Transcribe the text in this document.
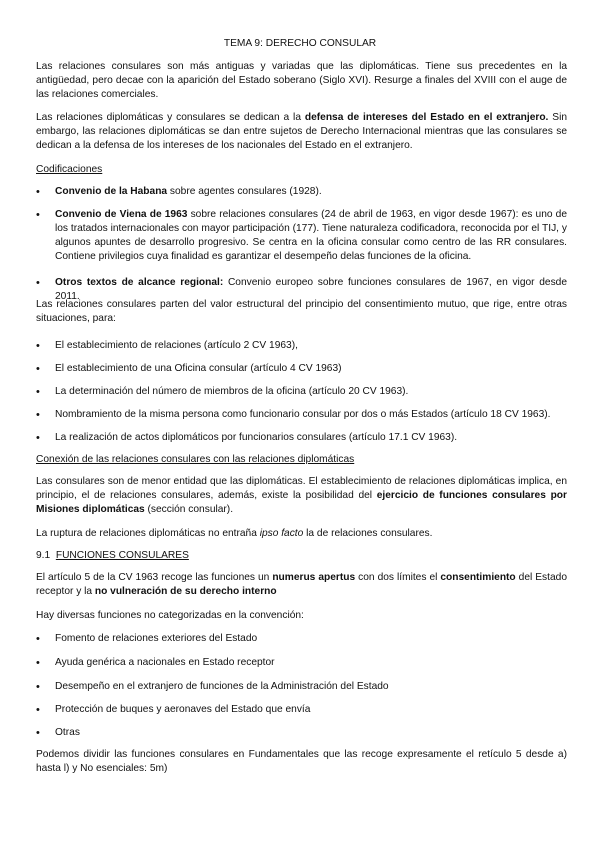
TEMA 9: DERECHO CONSULAR

Las relaciones consulares son más antiguas y variadas que las diplomáticas. Tiene sus precedentes en la antigüedad, pero decae con la aparición del Estado soberano (Siglo XVI). Resurge a finales del XVIII con el auge de las relaciones comerciales.

Las relaciones diplomáticas y consulares se dedican a la defensa de intereses del Estado en el extranjero. Sin embargo, las relaciones diplomáticas se dan entre sujetos de Derecho Internacional mientras que las consulares se dedican a la defensa de los intereses de los nacionales del Estado en el extranjero.

Codificaciones

• Convenio de la Habana sobre agentes consulares (1928).
• Convenio de Viena de 1963 sobre relaciones consulares (24 de abril de 1963, en vigor desde 1967): es uno de los tratados internacionales con mayor participación (177). Tiene naturaleza codificadora, reconocida por el TIJ, y algunos apuntes de desarrollo progresivo. Se centra en la oficina consular como centro de las RR consulares. Contiene privilegios cuya finalidad es garantizar el desempeño delas funciones de la oficina.
• Otros textos de alcance regional: Convenio europeo sobre funciones consulares de 1967, en vigor desde 2011.

Las relaciones consulares parten del valor estructural del principio del consentimiento mutuo, que rige, entre otras situaciones, para:

• El establecimiento de relaciones (artículo 2 CV 1963),
• El establecimiento de una Oficina consular (artículo 4 CV 1963)
• La determinación del número de miembros de la oficina (artículo 20 CV 1963).
• Nombramiento de la misma persona como funcionario consular por dos o más Estados (artículo 18 CV 1963).
• La realización de actos diplomáticos por funcionarios consulares (artículo 17.1 CV 1963).

Conexión de las relaciones consulares con las relaciones diplomáticas

Las consulares son de menor entidad que las diplomáticas. El establecimiento de relaciones diplomáticas implica, en principio, el de relaciones consulares, además, existe la posibilidad del ejercicio de funciones consulares por Misiones diplomáticas (sección consular).

La ruptura de relaciones diplomáticas no entraña ipso facto la de relaciones consulares.

9.1 FUNCIONES CONSULARES

El artículo 5 de la CV 1963 recoge las funciones un numerus apertus con dos límites el consentimiento del Estado receptor y la no vulneración de su derecho interno

Hay diversas funciones no categorizadas en la convención:

• Fomento de relaciones exteriores del Estado
• Ayuda genérica a nacionales en Estado receptor
• Desempeño en el extranjero de funciones de la Administración del Estado
• Protección de buques y aeronaves del Estado que envía
• Otras

Podemos dividir las funciones consulares en Fundamentales que las recoge expresamente el retículo 5 desde a) hasta l) y No esenciales: 5m)
